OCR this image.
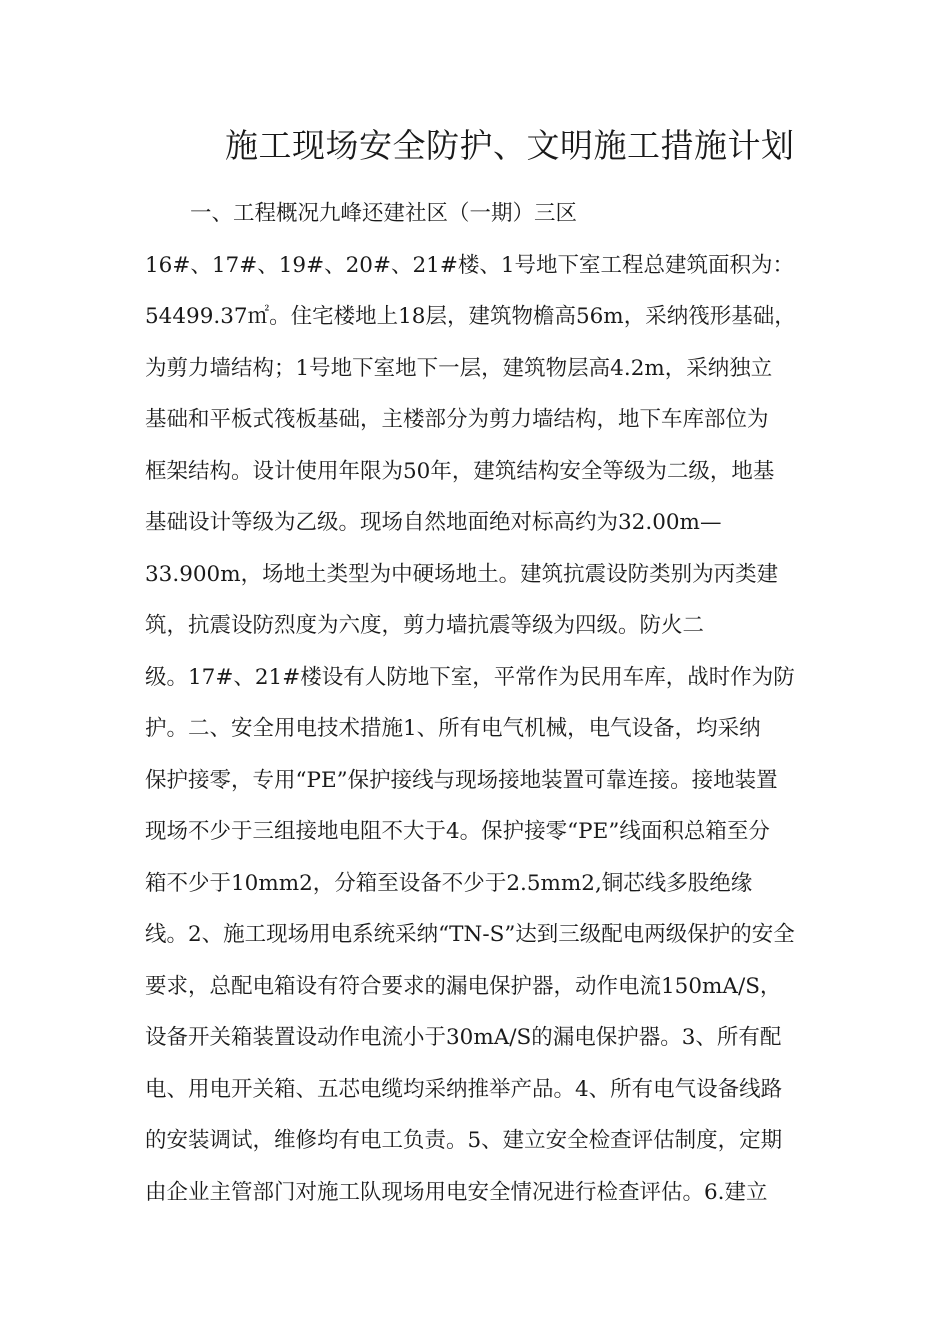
施工现场安全防护、文明施工措施计划
一、工程概况九峰还建社区（一期）三区
16#、17#、19#、20#、21#楼、1号地下室工程总建筑面积为：
54499.37㎡。住宅楼地上18层，建筑物檐高56m，采纳筏形基础，
为剪力墙结构；1号地下室地下一层，建筑物层高4.2m，采纳独立
基础和平板式筏板基础，主楼部分为剪力墙结构，地下车库部位为
框架结构。设计使用年限为50年，建筑结构安全等级为二级，地基
基础设计等级为乙级。现场自然地面绝对标高约为32.00m—
33.900m，场地土类型为中硬场地土。建筑抗震设防类别为丙类建
筑，抗震设防烈度为六度，剪力墙抗震等级为四级。防火二
级。17#、21#楼设有人防地下室，平常作为民用车库，战时作为防
护。二、安全用电技术措施1、所有电气机械，电气设备，均采纳
保护接零，专用“PE”保护接线与现场接地装置可靠连接。接地装置
现场不少于三组接地电阻不大于4。保护接零“PE”线面积总箱至分
箱不少于10mm2，分箱至设备不少于2.5mm2,铜芯线多股绝缘
线。2、施工现场用电系统采纳“TN-S”达到三级配电两级保护的安全
要求，总配电箱设有符合要求的漏电保护器，动作电流150mA/S，
设备开关箱装置设动作电流小于30mA/S的漏电保护器。3、所有配
电、用电开关箱、五芯电缆均采纳推举产品。4、所有电气设备线路
的安装调试，维修均有电工负责。5、建立安全检查评估制度，定期
由企业主管部门对施工队现场用电安全情况进行检查评估。6.建立
